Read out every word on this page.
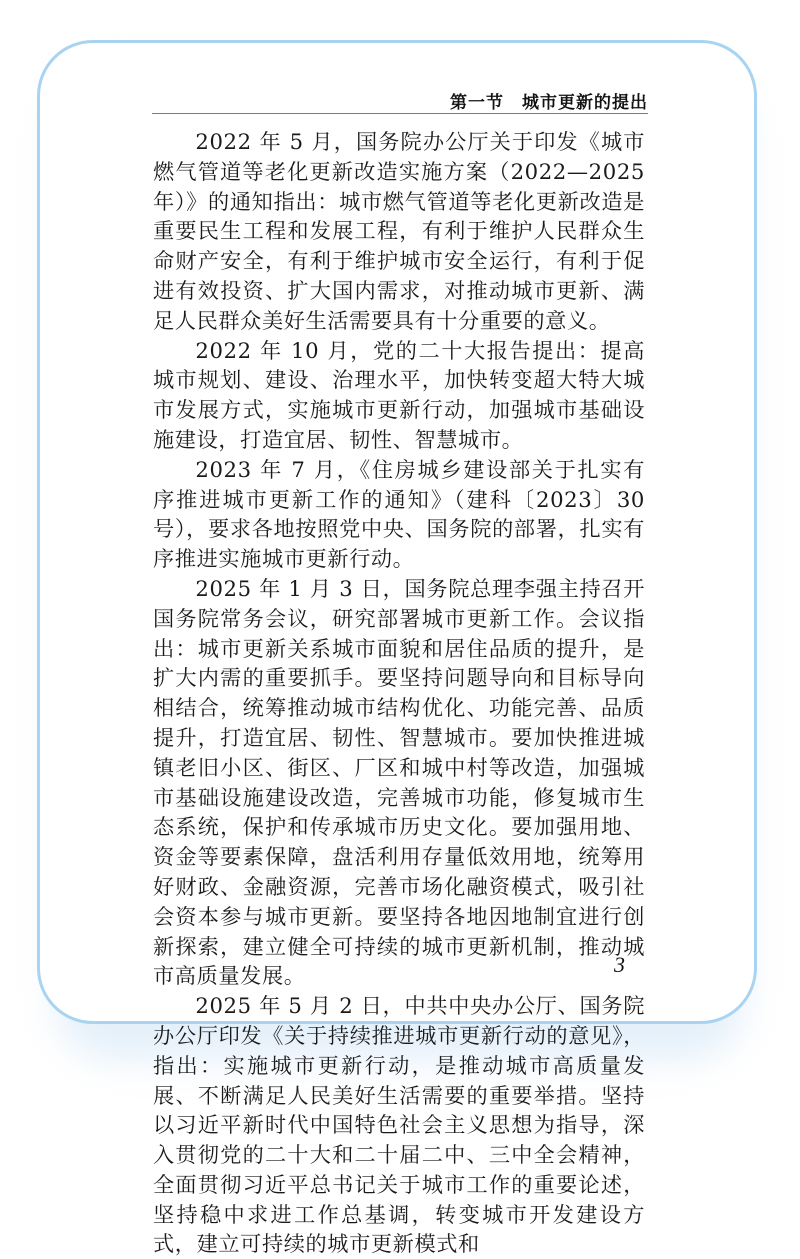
第一节 城市更新的提出

2022 年 5 月，国务院办公厅关于印发《城市燃气管道等老化更新改造实施方案（2022—2025 年）》的通知指出：城市燃气管道等老化更新改造是重要民生工程和发展工程，有利于维护人民群众生命财产安全，有利于维护城市安全运行，有利于促进有效投资、扩大国内需求，对推动城市更新、满足人民群众美好生活需要具有十分重要的意义。

2022 年 10 月，党的二十大报告提出：提高城市规划、建设、治理水平，加快转变超大特大城市发展方式，实施城市更新行动，加强城市基础设施建设，打造宜居、韧性、智慧城市。

2023 年 7 月，《住房城乡建设部关于扎实有序推进城市更新工作的通知》（建科〔2023〕30 号），要求各地按照党中央、国务院的部署，扎实有序推进实施城市更新行动。

2025 年 1 月 3 日，国务院总理李强主持召开国务院常务会议，研究部署城市更新工作。会议指出：城市更新关系城市面貌和居住品质的提升，是扩大内需的重要抓手。要坚持问题导向和目标导向相结合，统筹推动城市结构优化、功能完善、品质提升，打造宜居、韧性、智慧城市。要加快推进城镇老旧小区、街区、厂区和城中村等改造，加强城市基础设施建设改造，完善城市功能，修复城市生态系统，保护和传承城市历史文化。要加强用地、资金等要素保障，盘活利用存量低效用地，统筹用好财政、金融资源，完善市场化融资模式，吸引社会资本参与城市更新。要坚持各地因地制宜进行创新探索，建立健全可持续的城市更新机制，推动城市高质量发展。

2025 年 5 月 2 日，中共中央办公厅、国务院办公厅印发《关于持续推进城市更新行动的意见》，指出：实施城市更新行动，是推动城市高质量发展、不断满足人民美好生活需要的重要举措。坚持以习近平新时代中国特色社会主义思想为指导，深入贯彻党的二十大和二十届二中、三中全会精神，全面贯彻习近平总书记关于城市工作的重要论述，坚持稳中求进工作总基调，转变城市开发建设方式，建立可持续的城市更新模式和

3
